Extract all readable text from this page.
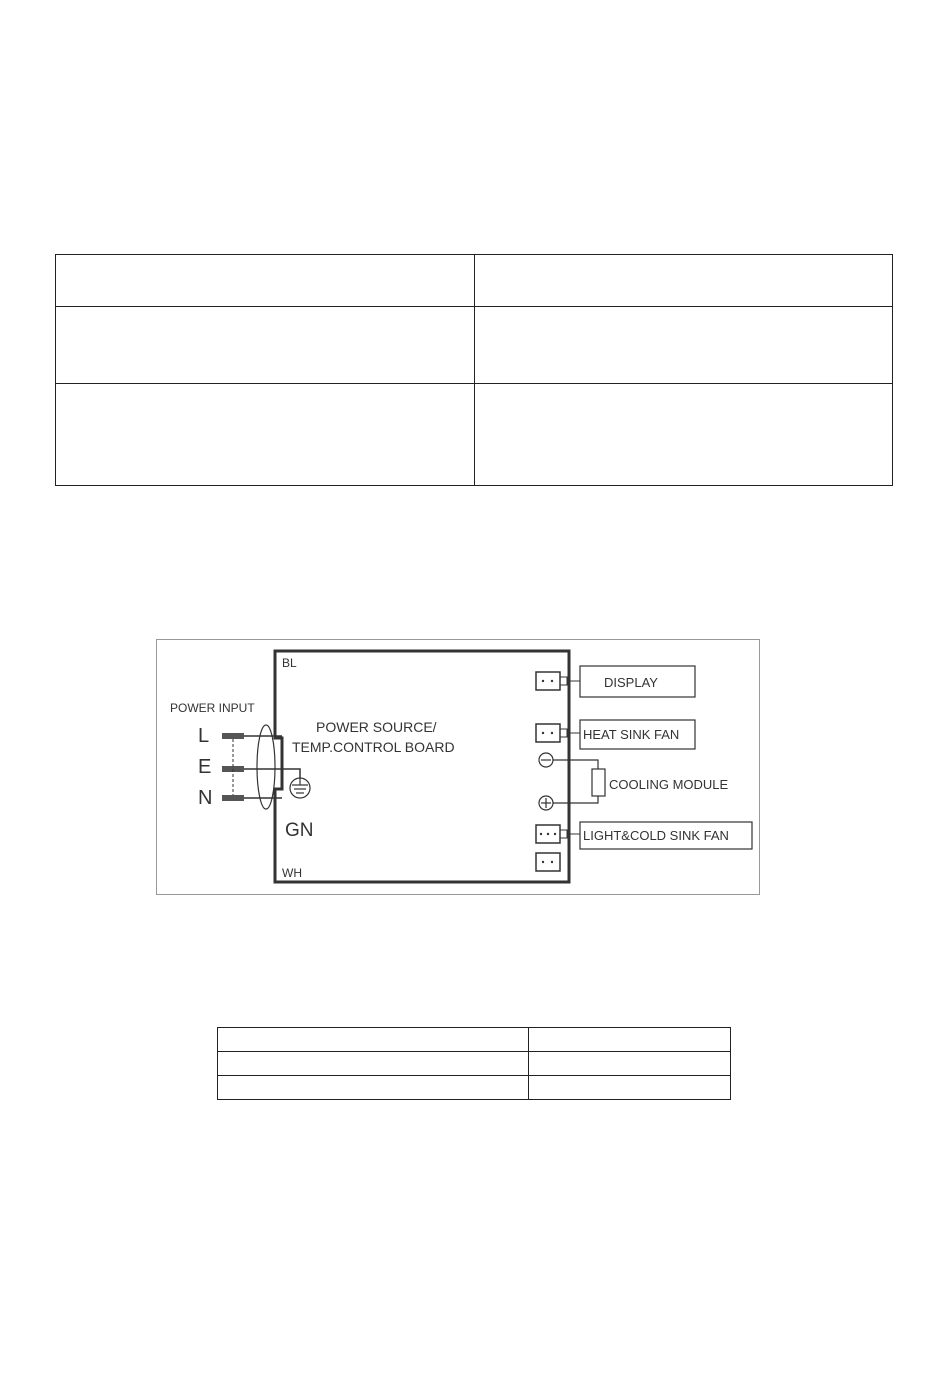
BL
WH
POWER SOURCE/
TEMP.CONTROL BOARD
POWER INPUT
L
E
N
GN
DISPLAY
HEAT SINK FAN
COOLING MODULE
LIGHT&COLD SINK FAN
